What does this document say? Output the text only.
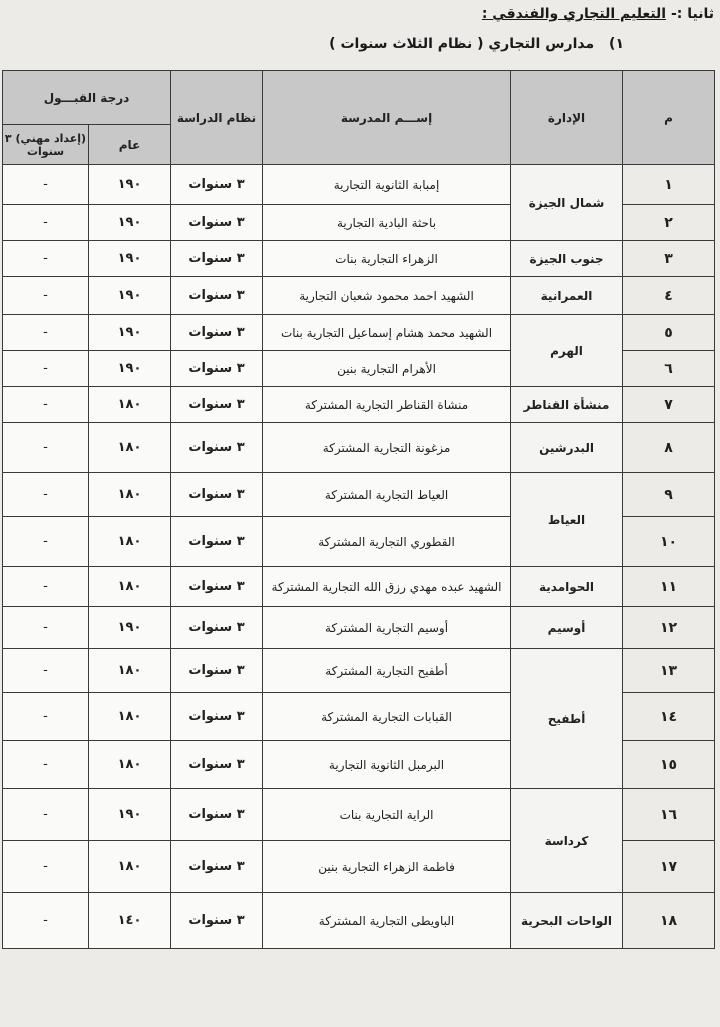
ثانيا :- التعليم التجاري والفندقي :
١) مدارس التجاري ( نظام الثلاث سنوات )
م	الإدارة	إســـم المدرسة	نظام الدراسة	درجة القبـــول	
				عام	(إعداد مهني) ٣ سنوات
١	شمال الجيزة	إمبابة الثانوية التجارية	٣ سنوات	١٩٠	-
٢		باحثة البادية التجارية	٣ سنوات	١٩٠	-
٣	جنوب الجيزة	الزهراء التجارية بنات	٣ سنوات	١٩٠	-
٤	العمرانية	الشهيد احمد محمود شعبان التجارية	٣ سنوات	١٩٠	-
٥	الهرم	الشهيد محمد هشام إسماعيل التجارية بنات	٣ سنوات	١٩٠	-
٦		الأهرام التجارية بنين	٣ سنوات	١٩٠	-
٧	منشأة القناطر	منشاة القناطر التجارية المشتركة	٣ سنوات	١٨٠	-
٨	البدرشين	مزغونة التجارية المشتركة	٣ سنوات	١٨٠	-
٩	العياط	العياط التجارية المشتركة	٣ سنوات	١٨٠	-
١٠		القطوري التجارية المشتركة	٣ سنوات	١٨٠	-
١١	الحوامدية	الشهيد عبده مهدي رزق الله التجارية المشتركة	٣ سنوات	١٨٠	-
١٢	أوسيم	أوسيم التجارية المشتركة	٣ سنوات	١٩٠	-
١٣	أطفيح	أطفيح التجارية المشتركة	٣ سنوات	١٨٠	-
١٤		القبابات التجارية المشتركة	٣ سنوات	١٨٠	-
١٥		البرمبل الثانوية التجارية	٣ سنوات	١٨٠	-
١٦	كرداسة	الراية التجارية بنات	٣ سنوات	١٩٠	-
١٧		فاطمة الزهراء التجارية بنين	٣ سنوات	١٨٠	-
١٨	الواحات البحرية	الباويطى التجارية المشتركة	٣ سنوات	١٤٠	-
